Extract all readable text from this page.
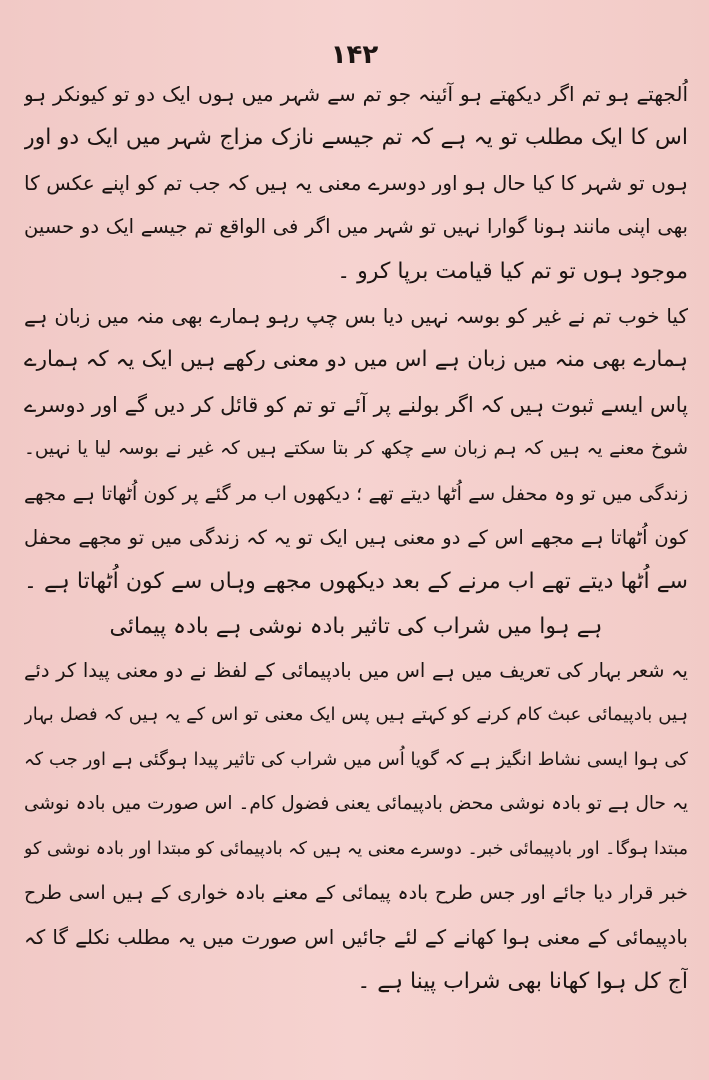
۱۴۲
اُلجھتے ہو تم اگر دیکھتے ہو آئینہ جو تم سے شہر میں ہوں ایک دو تو کیونکر ہو
اس کا ایک مطلب تو یہ ہے کہ تم جیسے نازک مزاج شہر میں ایک دو اور
ہوں تو شہر کا کیا حال ہو اور دوسرے معنی یہ ہیں کہ جب تم کو اپنے عکس کا
بھی اپنی مانند ہونا گوارا نہیں تو شہر میں اگر فی الواقع تم جیسے ایک دو حسین
موجود ہوں تو تم کیا قیامت برپا کرو ۔
کیا خوب تم نے غیر کو بوسہ نہیں دیا بس چپ رہو ہمارے بھی منہ میں زبان ہے
ہمارے بھی منہ میں زبان ہے اس میں دو معنی رکھے ہیں ایک یہ کہ ہمارے
پاس ایسے ثبوت ہیں کہ اگر بولنے پر آئے تو تم کو قائل کر دیں گے اور دوسرے
شوخ معنے یہ ہیں کہ ہم زبان سے چکھ کر بتا سکتے ہیں کہ غیر نے بوسہ لیا یا نہیں۔
زندگی میں تو وہ محفل سے اُٹھا دیتے تھے ؛ دیکھوں اب مر گئے پر کون اُٹھاتا ہے مجھے
کون اُٹھاتا ہے مجھے اس کے دو معنی ہیں ایک تو یہ کہ زندگی میں تو مجھے محفل
سے اُٹھا دیتے تھے اب مرنے کے بعد دیکھوں مجھے وہاں سے کون اُٹھاتا ہے ۔
ہے ہوا میں شراب کی تاثیر بادہ نوشی ہے بادہ پیمائی
یہ شعر بہار کی تعریف میں ہے اس میں بادپیمائی کے لفظ نے دو معنی پیدا کر دئے
ہیں بادپیمائی عبث کام کرنے کو کہتے ہیں پس ایک معنی تو اس کے یہ ہیں کہ فصل بہار
کی ہوا ایسی نشاط انگیز ہے کہ گویا اُس میں شراب کی تاثیر پیدا ہوگئی ہے اور جب کہ
یہ حال ہے تو بادہ نوشی محض بادپیمائی یعنی فضول کام۔ اس صورت میں بادہ نوشی
مبتدا ہوگا۔ اور بادپیمائی خبر۔ دوسرے معنی یہ ہیں کہ بادپیمائی کو مبتدا اور بادہ نوشی کو
خبر قرار دیا جائے اور جس طرح بادہ پیمائی کے معنے بادہ خواری کے ہیں اسی طرح
بادپیمائی کے معنی ہوا کھانے کے لئے جائیں اس صورت میں یہ مطلب نکلے گا کہ
آج کل ہوا کھانا بھی شراب پینا ہے ۔
